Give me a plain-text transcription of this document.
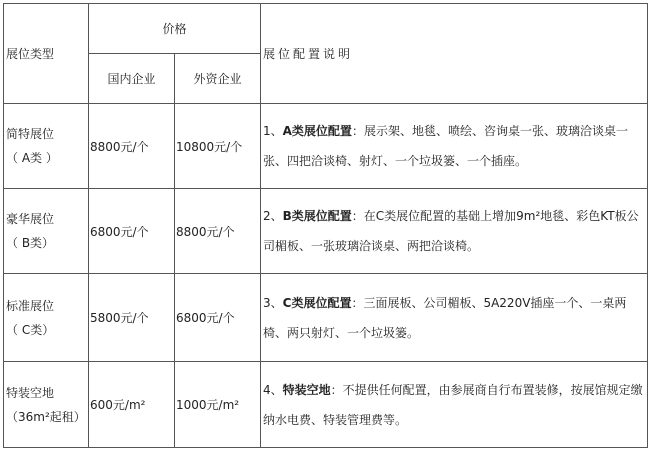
展位类型	价格		展位配置说明
	国内企业	外资企业	

简特展位
（ A类 ）	8800元/个	10800元/个	1、A类展位配置：展示架、地毯、喷绘、咨询桌一张、玻璃洽谈桌一张、四把洽谈椅、射灯、一个垃圾篓、一个插座。

豪华展位
（ B类）	6800元/个	8800元/个	2、B类展位配置：在C类展位配置的基础上增加9m²地毯、彩色KT板公司楣板、一张玻璃洽谈桌、两把洽谈椅。

标准展位
（ C类）	5800元/个	6800元/个	3、C类展位配置：三面展板、公司楣板、5A220V插座一个、一桌两椅、两只射灯、一个垃圾篓。

特装空地
（36m²起租）	600元/m²	1000元/m²	4、特装空地：不提供任何配置，由参展商自行布置装修，按展馆规定缴纳水电费、特装管理费等。
